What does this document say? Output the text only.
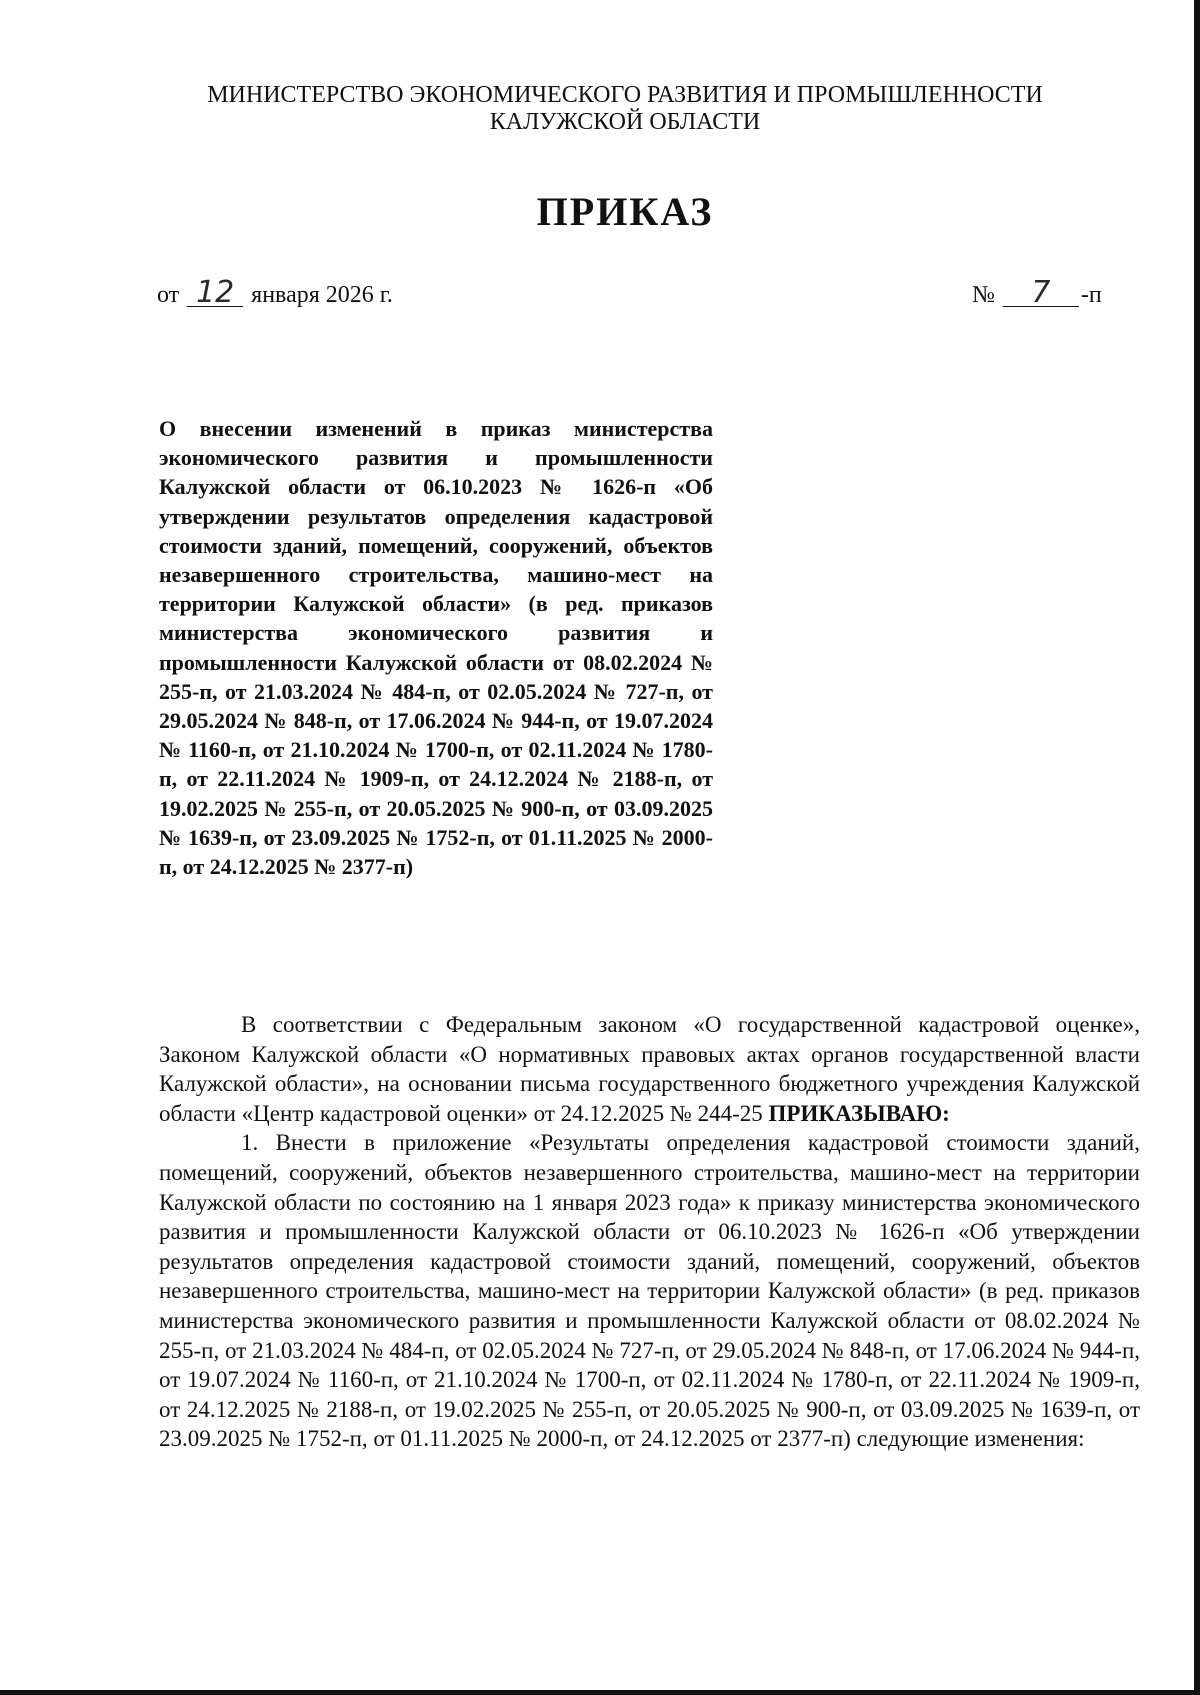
МИНИСТЕРСТВО ЭКОНОМИЧЕСКОГО РАЗВИТИЯ И ПРОМЫШЛЕННОСТИ
КАЛУЖСКОЙ ОБЛАСТИ
ПРИКАЗ
от 12 января 2026 г.	№ 7 -п
О внесении изменений в приказ министерства экономического развития и промышленности Калужской области от 06.10.2023 № 1626-п «Об утверждении результатов определения кадастровой стоимости зданий, помещений, сооружений, объектов незавершенного строительства, машино-мест на территории Калужской области» (в ред. приказов министерства экономического развития и промышленности Калужской области от 08.02.2024 № 255-п, от 21.03.2024 № 484-п, от 02.05.2024 № 727-п, от 29.05.2024 № 848-п, от 17.06.2024 № 944-п, от 19.07.2024 № 1160-п, от 21.10.2024 № 1700-п, от 02.11.2024 № 1780-п, от 22.11.2024 № 1909-п, от 24.12.2024 № 2188-п, от 19.02.2025 № 255-п, от 20.05.2025 № 900-п, от 03.09.2025 № 1639-п, от 23.09.2025 № 1752-п, от 01.11.2025 № 2000-п, от 24.12.2025 № 2377-п)

В соответствии с Федеральным законом «О государственной кадастровой оценке», Законом Калужской области «О нормативных правовых актах органов государственной власти Калужской области», на основании письма государственного бюджетного учреждения Калужской области «Центр кадастровой оценки» от 24.12.2025 № 244-25 ПРИКАЗЫВАЮ:

1. Внести в приложение «Результаты определения кадастровой стоимости зданий, помещений, сооружений, объектов незавершенного строительства, машино-мест на территории Калужской области по состоянию на 1 января 2023 года» к приказу министерства экономического развития и промышленности Калужской области от 06.10.2023 № 1626-п «Об утверждении результатов определения кадастровой стоимости зданий, помещений, сооружений, объектов незавершенного строительства, машино-мест на территории Калужской области» (в ред. приказов министерства экономического развития и промышленности Калужской области от 08.02.2024 № 255-п, от 21.03.2024 № 484-п, от 02.05.2024 № 727-п, от 29.05.2024 № 848-п, от 17.06.2024 № 944-п, от 19.07.2024 № 1160-п, от 21.10.2024 № 1700-п, от 02.11.2024 № 1780-п, от 22.11.2024 № 1909-п, от 24.12.2025 № 2188-п, от 19.02.2025 № 255-п, от 20.05.2025 № 900-п, от 03.09.2025 № 1639-п, от 23.09.2025 № 1752-п, от 01.11.2025 № 2000-п, от 24.12.2025 от 2377-п) следующие изменения:
